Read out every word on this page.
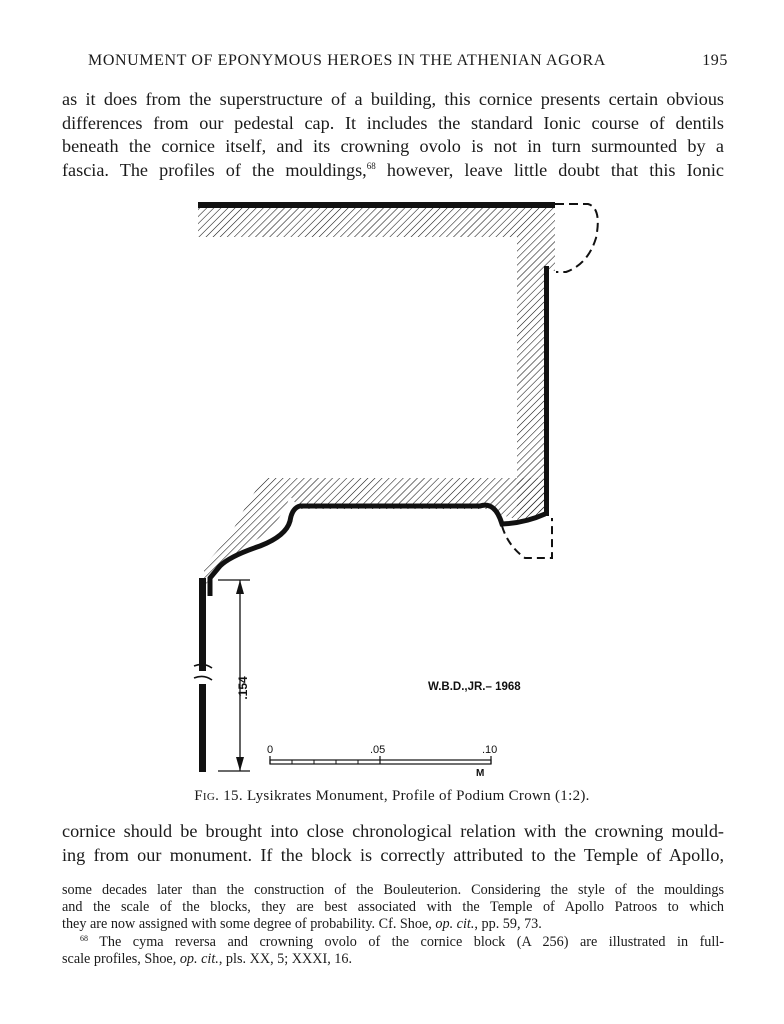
MONUMENT OF EPONYMOUS HEROES IN THE ATHENIAN AGORA	195
as it does from the superstructure of a building, this cornice presents certain obvious
differences from our pedestal cap. It includes the standard Ionic course of dentils
beneath the cornice itself, and its crowning ovolo is not in turn surmounted by a
fascia. The profiles of the mouldings,$^{68}$ however, leave little doubt that this Ionic
.154	W.B.D.,JR.– 1968
0	.05	.10
M
Fig. 15. Lysikrates Monument, Profile of Podium Crown (1:2).
cornice should be brought into close chronological relation with the crowning mould-
ing from our monument. If the block is correctly attributed to the Temple of Apollo,
some decades later than the construction of the Bouleuterion. Considering the style of the mouldings
and the scale of the blocks, they are best associated with the Temple of Apollo Patroos to which
they are now assigned with some degree of probability. Cf. Shoe, op. cit., pp. 59, 73.
$^{68}$ The cyma reversa and crowning ovolo of the cornice block (A 256) are illustrated in full-
scale profiles, Shoe, op. cit., pls. XX, 5; XXXI, 16.
